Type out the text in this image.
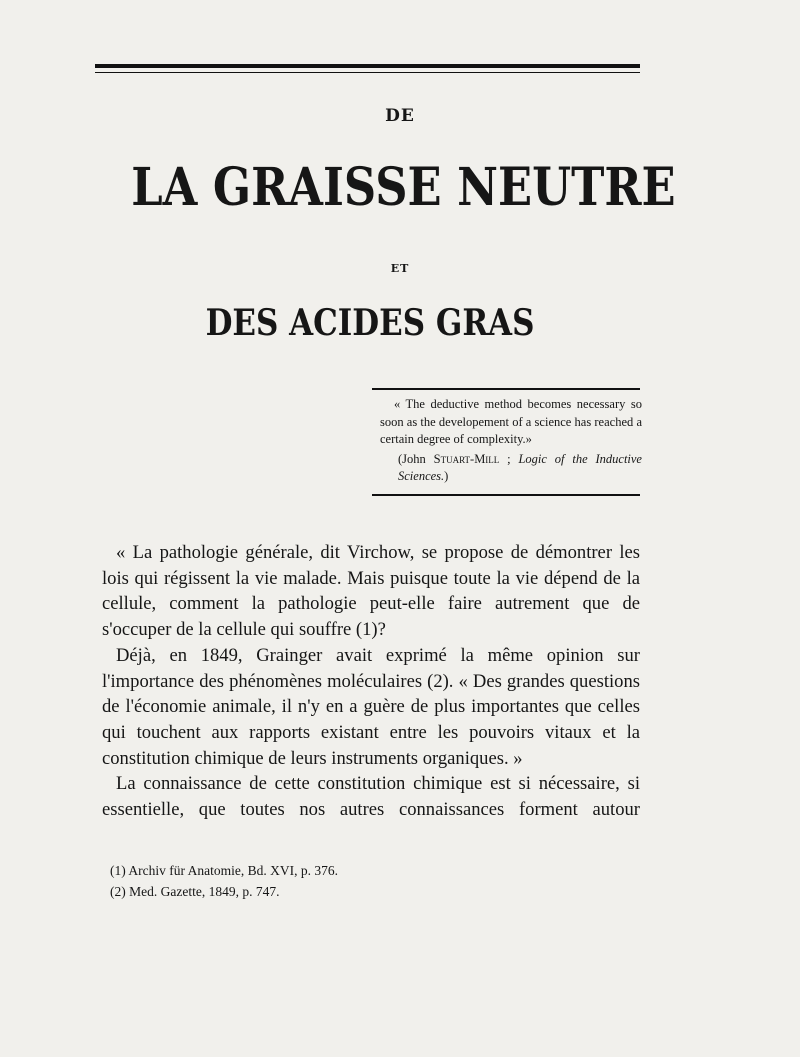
DE
LA GRAISSE NEUTRE
ET
DES ACIDES GRAS

« The deductive method becomes necessary so soon as the developement of a science has reached a certain degree of complexity.»

(John Stuart-Mill ; Logic of the Inductive Sciences.)

« La pathologie générale, dit Virchow, se propose de démontrer les lois qui régissent la vie malade. Mais puisque toute la vie dépend de la cellule, comment la pathologie peut-elle faire autrement que de s'occuper de la cellule qui souffre (1)?

Déjà, en 1849, Grainger avait exprimé la même opinion sur l'importance des phénomènes moléculaires (2). « Des grandes questions de l'économie animale, il n'y en a guère de plus importantes que celles qui touchent aux rapports existant entre les pouvoirs vitaux et la constitution chimique de leurs instruments organiques. »

La connaissance de cette constitution chimique est si nécessaire, si essentielle, que toutes nos autres connaissances forment autour

(1) Archiv für Anatomie, Bd. XVI, p. 376.

(2) Med. Gazette, 1849, p. 747.
